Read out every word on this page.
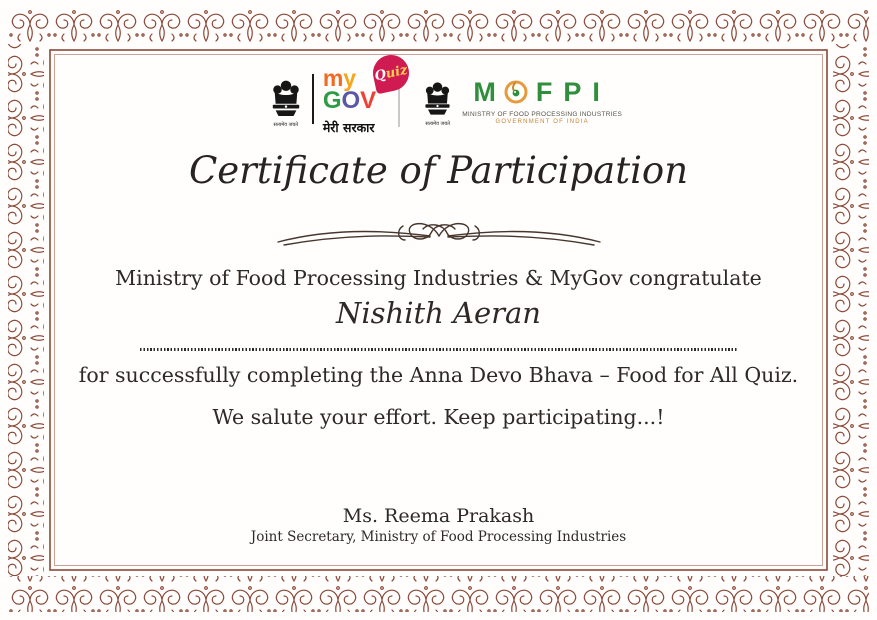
सत्यमेव जयते
my
GOV
मेरी सरकार
Q
uiz
सत्यमेव जयते
M FPI
MINISTRY OF FOOD PROCESSING INDUSTRIES
GOVERNMENT OF INDIA
Certificate of Participation

Ministry of Food Processing Industries & MyGov congratulate

Nishith Aeran

for successfully completing the Anna Devo Bhava – Food for All Quiz.

We salute your effort. Keep participating...!

Ms. Reema Prakash

Joint Secretary, Ministry of Food Processing Industries
